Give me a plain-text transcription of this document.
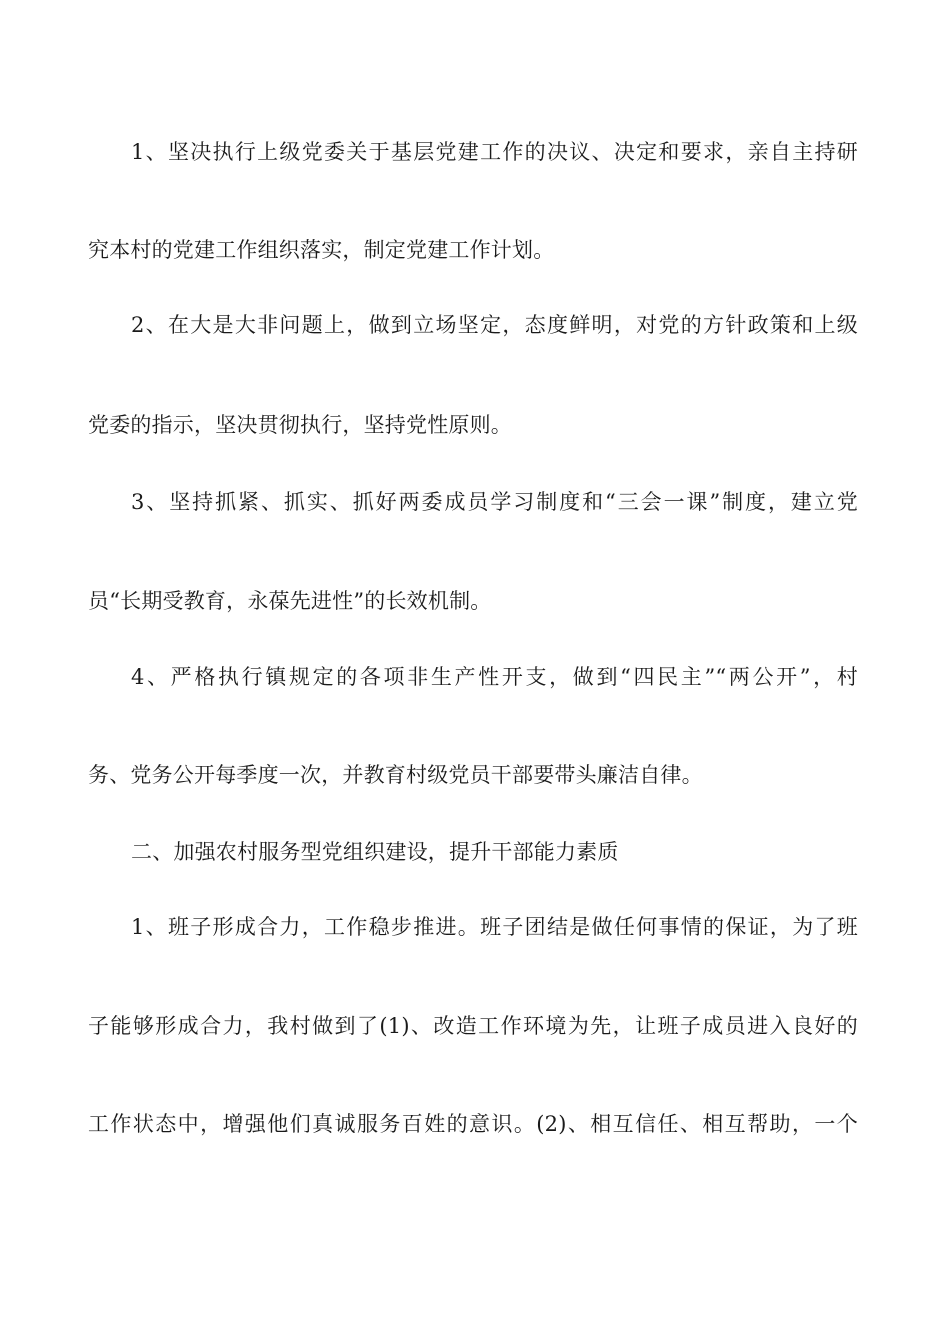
1、坚决执行上级党委关于基层党建工作的决议、决定和要求，亲自主持研
究本村的党建工作组织落实，制定党建工作计划。
2、在大是大非问题上，做到立场坚定，态度鲜明，对党的方针政策和上级
党委的指示，坚决贯彻执行，坚持党性原则。
3、坚持抓紧、抓实、抓好两委成员学习制度和“三会一课”制度，建立党
员“长期受教育，永葆先进性”的长效机制。
4、严格执行镇规定的各项非生产性开支，做到“四民主”“两公开”，村
务、党务公开每季度一次，并教育村级党员干部要带头廉洁自律。
二、加强农村服务型党组织建设，提升干部能力素质
1、班子形成合力，工作稳步推进。班子团结是做任何事情的保证，为了班
子能够形成合力，我村做到了(1)、改造工作环境为先，让班子成员进入良好的
工作状态中，增强他们真诚服务百姓的意识。(2)、相互信任、相互帮助，一个
